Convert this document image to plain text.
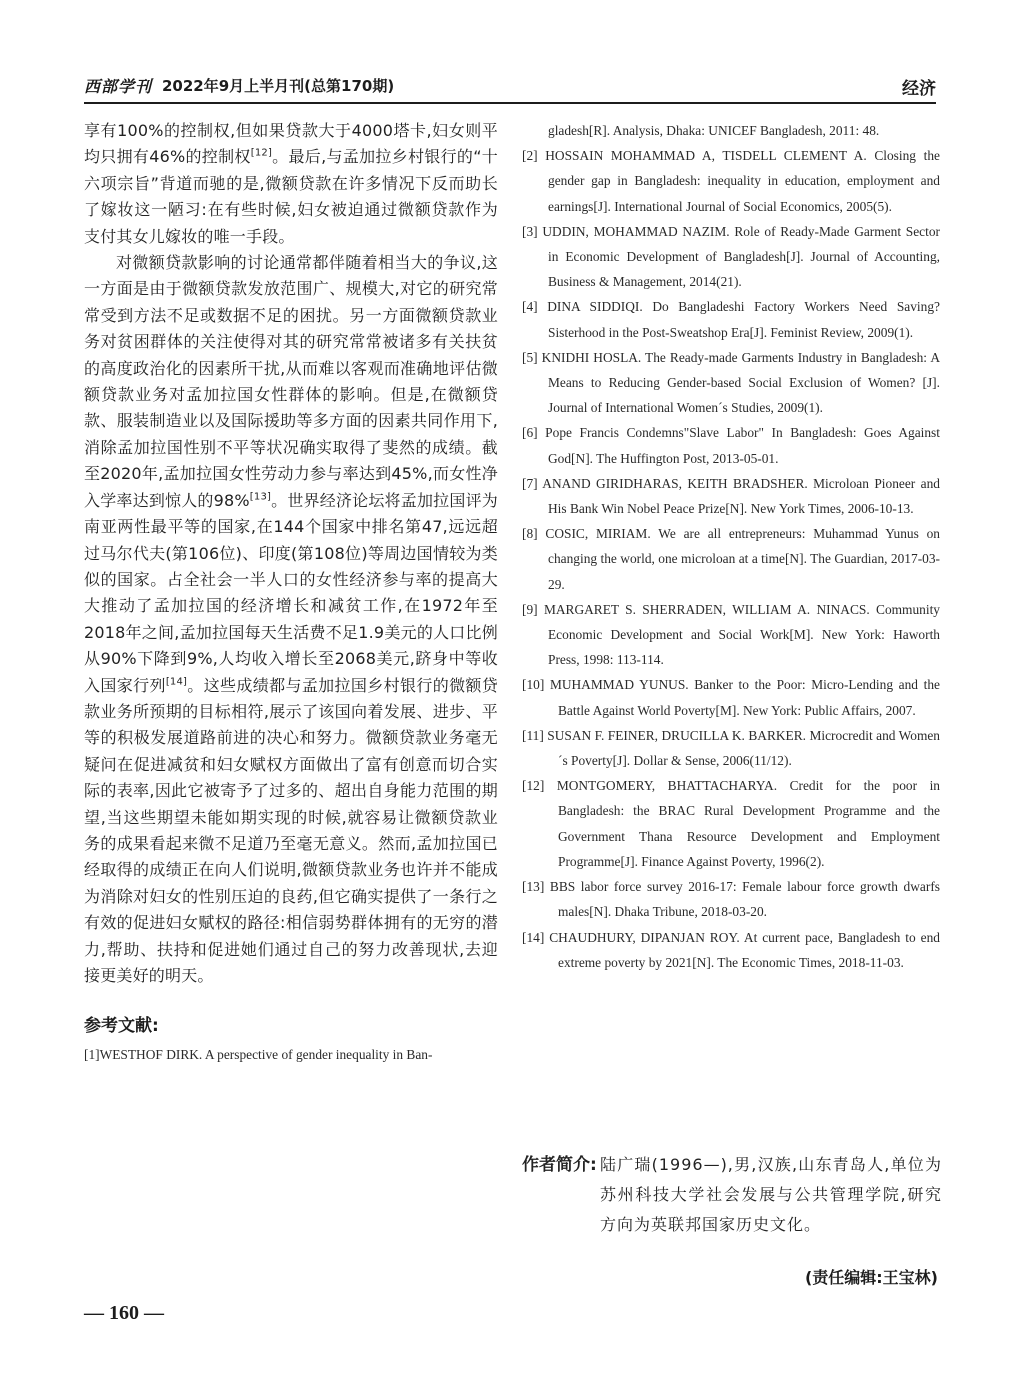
西部学刊 2022年9月上半月刊(总第170期)	经济

享有100%的控制权,但如果贷款大于4000塔卡,妇女则平均只拥有46%的控制权[12]。最后,与孟加拉乡村银行的“十六项宗旨”背道而驰的是,微额贷款在许多情况下反而助长了嫁妆这一陋习:在有些时候,妇女被迫通过微额贷款作为支付其女儿嫁妆的唯一手段。

对微额贷款影响的讨论通常都伴随着相当大的争议,这一方面是由于微额贷款发放范围广、规模大,对它的研究常常受到方法不足或数据不足的困扰。另一方面微额贷款业务对贫困群体的关注使得对其的研究常常被诸多有关扶贫的高度政治化的因素所干扰,从而难以客观而准确地评估微额贷款业务对孟加拉国女性群体的影响。但是,在微额贷款、服装制造业以及国际援助等多方面的因素共同作用下,消除孟加拉国性别不平等状况确实取得了斐然的成绩。截至2020年,孟加拉国女性劳动力参与率达到45%,而女性净入学率达到惊人的98%[13]。世界经济论坛将孟加拉国评为南亚两性最平等的国家,在144个国家中排名第47,远远超过马尔代夫(第106位)、印度(第108位)等周边国情较为类似的国家。占全社会一半人口的女性经济参与率的提高大大推动了孟加拉国的经济增长和减贫工作,在1972年至2018年之间,孟加拉国每天生活费不足1.9美元的人口比例从90%下降到9%,人均收入增长至2068美元,跻身中等收入国家行列[14]。这些成绩都与孟加拉国乡村银行的微额贷款业务所预期的目标相符,展示了该国向着发展、进步、平等的积极发展道路前进的决心和努力。微额贷款业务毫无疑问在促进减贫和妇女赋权方面做出了富有创意而切合实际的表率,因此它被寄予了过多的、超出自身能力范围的期望,当这些期望未能如期实现的时候,就容易让微额贷款业务的成果看起来微不足道乃至毫无意义。然而,孟加拉国已经取得的成绩正在向人们说明,微额贷款业务也许并不能成为消除对妇女的性别压迫的良药,但它确实提供了一条行之有效的促进妇女赋权的路径:相信弱势群体拥有的无穷的潜力,帮助、扶持和促进她们通过自己的努力改善现状,去迎接更美好的明天。

参考文献:
[1]WESTHOF DIRK. A perspective of gender inequality in Ban-
gladesh[R]. Analysis, Dhaka: UNICEF Bangladesh, 2011: 48.
[2] HOSSAIN MOHAMMAD A, TISDELL CLEMENT A. Closing the gender gap in Bangladesh: inequality in education, employment and earnings[J]. International Journal of Social Economics, 2005(5).
[3] UDDIN, MOHAMMAD NAZIM. Role of Ready-Made Garment Sector in Economic Development of Bangladesh[J]. Journal of Accounting, Business & Management, 2014(21).
[4] DINA SIDDIQI. Do Bangladeshi Factory Workers Need Saving? Sisterhood in the Post-Sweatshop Era[J]. Feminist Review, 2009(1).
[5] KNIDHI HOSLA. The Ready-made Garments Industry in Bangladesh: A Means to Reducing Gender-based Social Exclusion of Women? [J]. Journal of International Women´s Studies, 2009(1).
[6] Pope Francis Condemns"Slave Labor" In Bangladesh: Goes Against God[N]. The Huffington Post, 2013-05-01.
[7] ANAND GIRIDHARAS, KEITH BRADSHER. Microloan Pioneer and His Bank Win Nobel Peace Prize[N]. New York Times, 2006-10-13.
[8] COSIC, MIRIAM. We are all entrepreneurs: Muhammad Yunus on changing the world, one microloan at a time[N]. The Guardian, 2017-03-29.
[9] MARGARET S. SHERRADEN, WILLIAM A. NINACS. Community Economic Development and Social Work[M]. New York: Haworth Press, 1998: 113-114.
[10] MUHAMMAD YUNUS. Banker to the Poor: Micro-Lending and the Battle Against World Poverty[M]. New York: Public Affairs, 2007.
[11] SUSAN F. FEINER, DRUCILLA K. BARKER. Microcredit and Women´s Poverty[J]. Dollar & Sense, 2006(11/12).
[12] MONTGOMERY, BHATTACHARYA. Credit for the poor in Bangladesh: the BRAC Rural Development Programme and the Government Thana Resource Development and Employment Programme[J]. Finance Against Poverty, 1996(2).
[13] BBS labor force survey 2016-17: Female labour force growth dwarfs males[N]. Dhaka Tribune, 2018-03-20.
[14] CHAUDHURY, DIPANJAN ROY. At current pace, Bangladesh to end extreme poverty by 2021[N]. The Economic Times, 2018-11-03.
作者简介: 陆广瑞(1996—),男,汉族,山东青岛人,单位为苏州科技大学社会发展与公共管理学院,研究方向为英联邦国家历史文化。
(责任编辑:王宝林)
— 160 —
